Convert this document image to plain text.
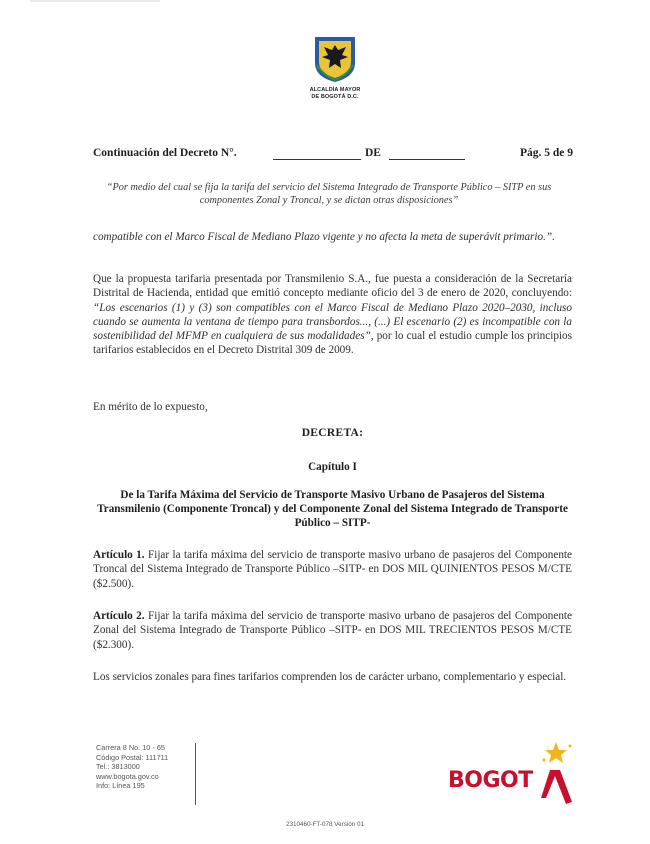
ALCALDÍA MAYOR
DE BOGOTÁ D.C.
Continuación del Decreto N°.	DE	Pág. 5 de 9
“Por medio del cual se fija la tarifa del servicio del Sistema Integrado de Transporte Público – SITP en sus componentes Zonal y Troncal, y se dictan otras disposiciones”
compatible con el Marco Fiscal de Mediano Plazo vigente y no afecta la meta de superávit primario.”.
Que la propuesta tarifaria presentada por Transmilenio S.A., fue puesta a consideración de la Secretaría Distrital de Hacienda, entidad que emitió concepto mediante oficio del 3 de enero de 2020, concluyendo: “Los escenarios (1) y (3) son compatibles con el Marco Fiscal de Mediano Plazo 2020–2030, incluso cuando se aumenta la ventana de tiempo para transbordos..., (...) El escenario (2) es incompatible con la sostenibilidad del MFMP en cualquiera de sus modalidades”, por lo cual el estudio cumple los principios tarifarios establecidos en el Decreto Distrital 309 de 2009.
En mérito de lo expuesto,
DECRETA:
Capítulo I
De la Tarifa Máxima del Servicio de Transporte Masivo Urbano de Pasajeros del Sistema Transmilenio (Componente Troncal) y del Componente Zonal del Sistema Integrado de Transporte Público – SITP-
Artículo 1. Fijar la tarifa máxima del servicio de transporte masivo urbano de pasajeros del Componente Troncal del Sistema Integrado de Transporte Público –SITP- en DOS MIL QUINIENTOS PESOS M/CTE ($2.500).
Artículo 2. Fijar la tarifa máxima del servicio de transporte masivo urbano de pasajeros del Componente Zonal del Sistema Integrado de Transporte Público –SITP- en DOS MIL TRECIENTOS PESOS M/CTE ($2.300).
Los servicios zonales para fines tarifarios comprenden los de carácter urbano, complementario y especial.
Carrera 8 No. 10 - 65
Código Postal: 111711
Tel.: 3813000
www.bogota.gov.co
Info: Línea 195	BOGOT
2310460-FT-078 Versión 01
